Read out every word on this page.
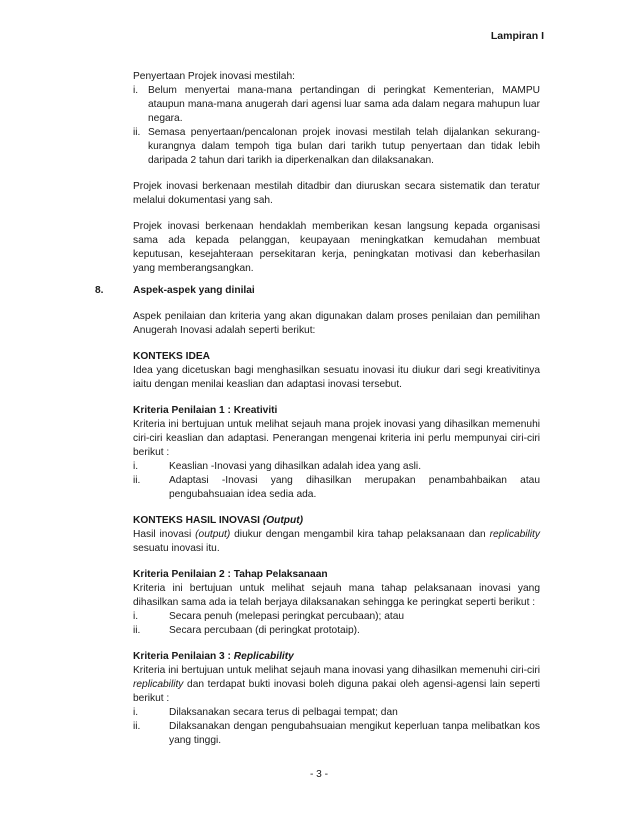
Lampiran I

Penyertaan Projek inovasi mestilah:

i. Belum menyertai mana-mana pertandingan di peringkat Kementerian, MAMPU ataupun mana-mana anugerah dari agensi luar sama ada dalam negara mahupun luar negara.
ii. Semasa penyertaan/pencalonan projek inovasi mestilah telah dijalankan sekurang-kurangnya dalam tempoh tiga bulan dari tarikh tutup penyertaan dan tidak lebih daripada 2 tahun dari tarikh ia diperkenalkan dan dilaksanakan.

Projek inovasi berkenaan mestilah ditadbir dan diuruskan secara sistematik dan teratur melalui dokumentasi yang sah.

Projek inovasi berkenaan hendaklah memberikan kesan langsung kepada organisasi sama ada kepada pelanggan, keupayaan meningkatkan kemudahan membuat keputusan, kesejahteraan persekitaran kerja, peningkatan motivasi dan keberhasilan yang memberangsangkan.

8.	Aspek-aspek yang dinilai

Aspek penilaian dan kriteria yang akan digunakan dalam proses penilaian dan pemilihan Anugerah Inovasi adalah seperti berikut:

KONTEKS IDEA

Idea yang dicetuskan bagi menghasilkan sesuatu inovasi itu diukur dari segi kreativitinya iaitu dengan menilai keaslian dan adaptasi inovasi tersebut.

Kriteria Penilaian 1 : Kreativiti

Kriteria ini bertujuan untuk melihat sejauh mana projek inovasi yang dihasilkan memenuhi ciri-ciri keaslian dan adaptasi. Penerangan mengenai kriteria ini perlu mempunyai ciri-ciri berikut :

i.	Keaslian -Inovasi yang dihasilkan adalah idea yang asli.
ii.	Adaptasi -Inovasi yang dihasilkan merupakan penambahbaikan atau pengubahsuaian idea sedia ada.
KONTEKS HASIL INOVASI (Output)

Hasil inovasi (output) diukur dengan mengambil kira tahap pelaksanaan dan replicability sesuatu inovasi itu.

Kriteria Penilaian 2 : Tahap Pelaksanaan

Kriteria ini bertujuan untuk melihat sejauh mana tahap pelaksanaan inovasi yang dihasilkan sama ada ia telah berjaya dilaksanakan sehingga ke peringkat seperti berikut :

i.	Secara penuh (melepasi peringkat percubaan); atau
ii.	Secara percubaan (di peringkat prototaip).
Kriteria Penilaian 3 : Replicability

Kriteria ini bertujuan untuk melihat sejauh mana inovasi yang dihasilkan memenuhi ciri-ciri replicability dan terdapat bukti inovasi boleh diguna pakai oleh agensi-agensi lain seperti berikut :

i.	Dilaksanakan secara terus di pelbagai tempat; dan
ii.	Dilaksanakan dengan pengubahsuaian mengikut keperluan tanpa melibatkan kos yang tinggi.
- 3 -
